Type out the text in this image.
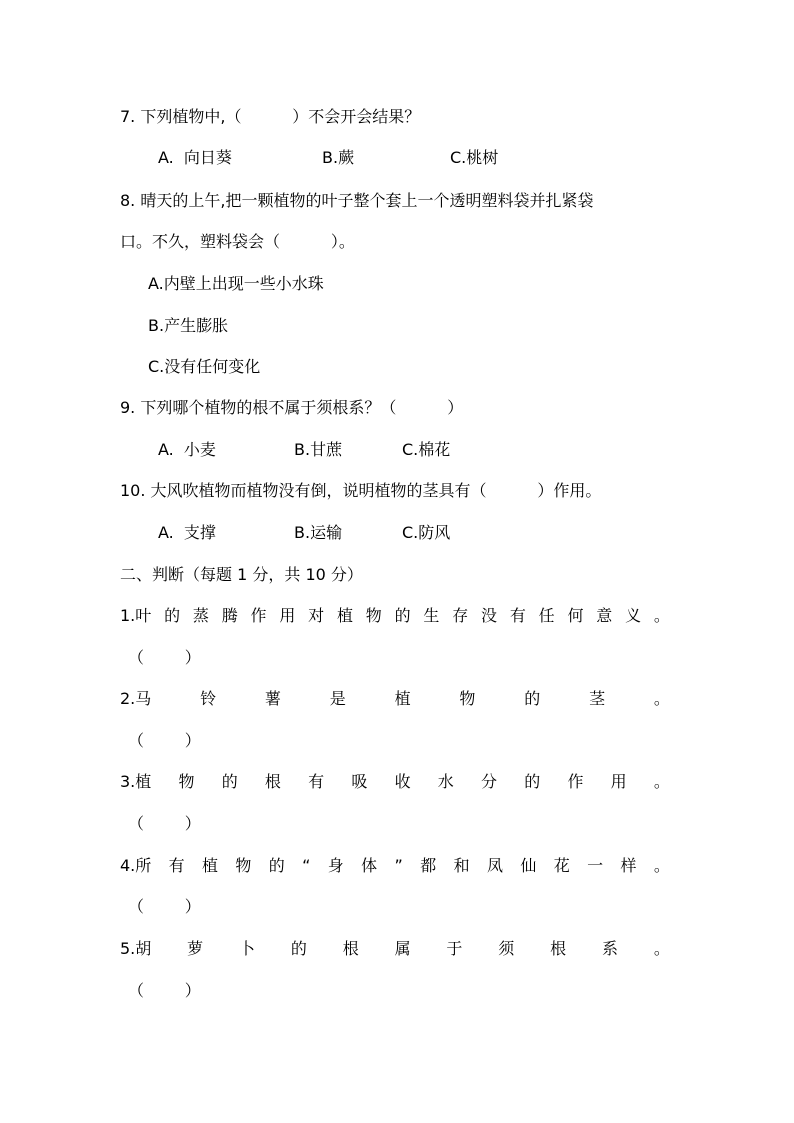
7. 下列植物中,（          ）不会开会结果？
A.  向日葵	B.蕨	C.桃树
8. 晴天的上午,把一颗植物的叶子整个套上一个透明塑料袋并扎紧袋
口。不久，塑料袋会（          ）。
A.内壁上出现一些小水珠
B.产生膨胀
C.没有任何变化
9. 下列哪个植物的根不属于须根系？（          ）
A.  小麦	B.甘蔗	C.棉花
10. 大风吹植物而植物没有倒，说明植物的茎具有（          ）作用。
A.  支撑	B.运输	C.防风
二、判断（每题 1 分，共 10 分）
1.叶 的 蒸 腾 作 用 对 植 物 的 生 存 没 有 任 何 意 义 。
（        ）
2.马	铃	薯	是	植	物	的	茎	。
（        ）
3.植 物 的 根 有 吸 收 水 分 的 作 用 。
（        ）
4.所 有 植 物 的 “ 身 体 ” 都 和 凤 仙 花 一 样 。
（        ）
5.胡 萝 卜 的 根 属 于 须 根 系 。
（        ）
